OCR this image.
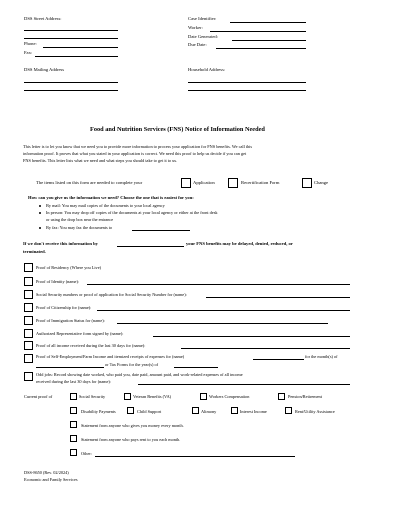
DSS Street Address:
Phone:
Fax:
DSS Mailing Address
Case Identifier:
Worker:
Date Generated:
Due Date:
Household Address:
Food and Nutrition Services (FNS) Notice of Information Needed
This letter is to let you know that we need you to provide more information to process your application for FNS benefits. We call this
information proof. It proves that what you stated in your application is correct. We need this proof to help us decide if you can get
FNS benefits. This letter lists what we need and what steps you should take to get it to us.
The items listed on this form are needed to complete your	Application	Recertification Form	Change
How can you give us the information we need? Choose the one that is easiest for you:
By mail: You may mail copies of the documents to your local agency
In person: You may drop off copies of the documents at your local agency or either at the front desk
or using the drop box near the entrance
By fax: You may fax the documents to
If we don't receive this information by	your FNS benefits may be delayed, denied, reduced, or
terminated.
Proof of Residency (Where you Live)
Proof of Identity (name):
Social Security numbers or proof of application for Social Security Number for (name):
Proof of Citizenship for (name):
Proof of Immigration Status for (name):
Authorized Representative form signed by (name):
Proof of all income received during the last 30 days for (name):
Proof of Self-Employment/Farm Income and itemized receipts of expenses for (name)	for the month(s) of
or Tax Forms for the year(s) of
Odd jobs: Record showing date worked, who paid you, date paid, amount paid, and work-related expenses of all income
received during the last 30 days for (name):
Current proof of	Social Security	Veteran Benefits (VA)	Workers Compensation	Pension/Retirement
Disability Payments	Child Support	Alimony	Interest Income	Rent/Utility Assistance
Statement from anyone who gives you money every month.
Statement from anyone who pays rent to you each month.
Other:
DSS-8650 (Rev. 02/2024)
Economic and Family Services
